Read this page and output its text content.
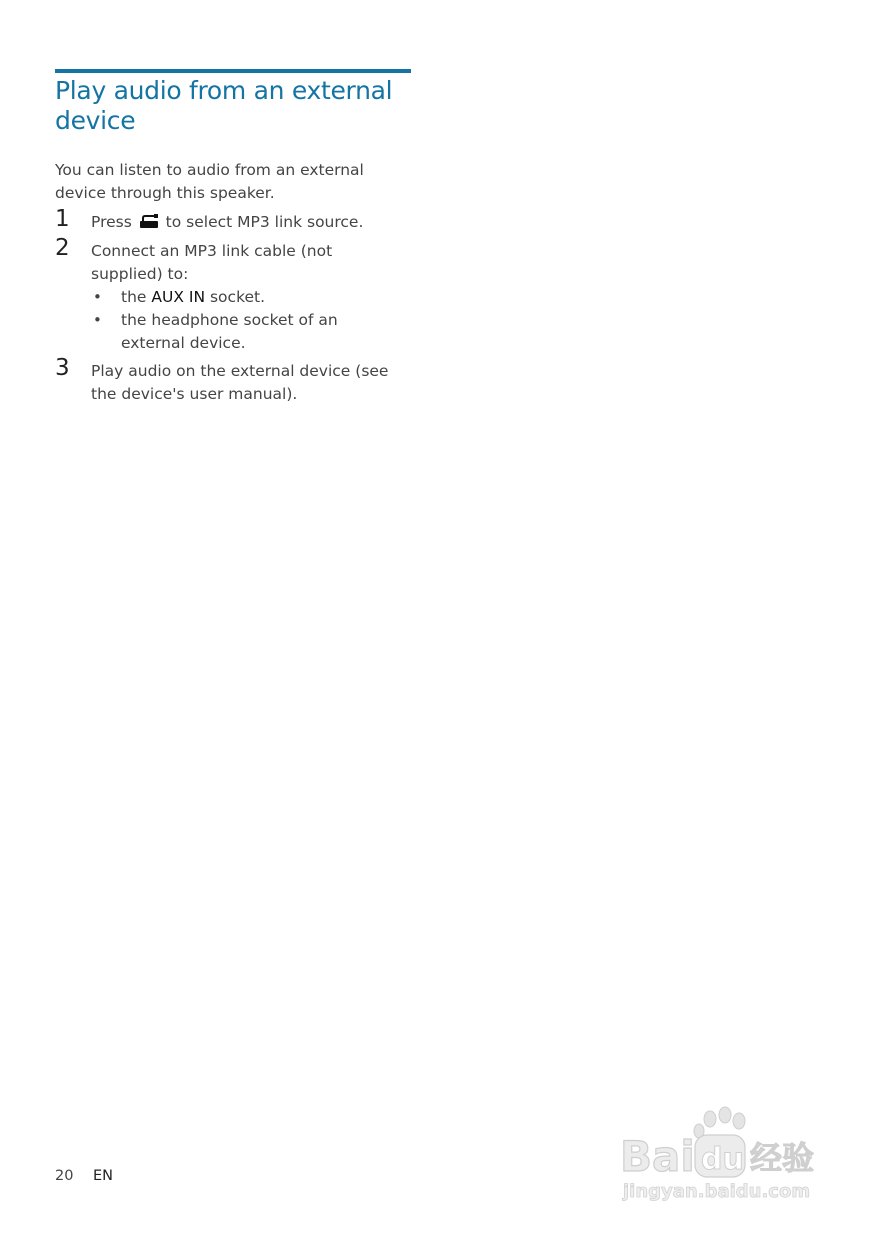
Play audio from an external device

You can listen to audio from an external device through this speaker.

1 Press to select MP3 link source.

2 Connect an MP3 link cable (not supplied) to:

• the AUX IN socket.

• the headphone socket of an external device.

3 Play audio on the external device (see the device's user manual).

20 EN	Bai du 经验
jingyan.baidu.com
